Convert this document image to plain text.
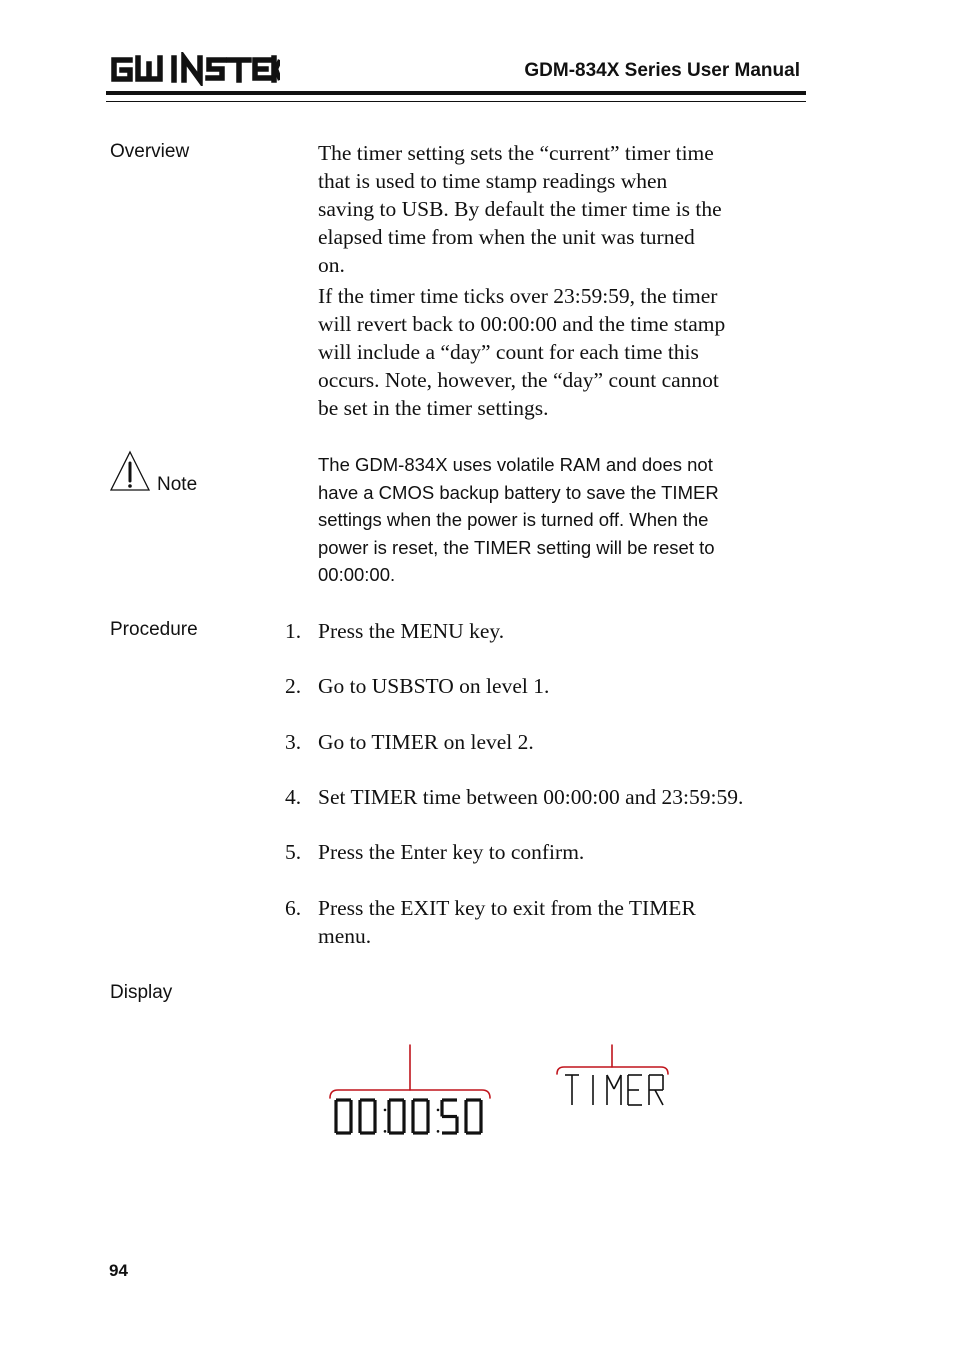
GDM-834X Series User Manual
Overview	The timer setting sets the “current” timer time
that is used to time stamp readings when
saving to USB. By default the timer time is the
elapsed time from when the unit was turned
on.
If the timer time ticks over 23:59:59, the timer
will revert back to 00:00:00 and the time stamp
will include a “day” count for each time this
occurs. Note, however, the “day” count cannot
be set in the timer settings.
Note
The GDM-834X uses volatile RAM and does not
have a CMOS backup battery to save the TIMER
settings when the power is turned off. When the
power is reset, the TIMER setting will be reset to
00:00:00.
Procedure	1. Press the MENU key.
2. Go to USBSTO on level 1.
3. Go to TIMER on level 2.
4. Set TIMER time between 00:00:00 and 23:59:59.
5. Press the Enter key to confirm.
6. Press the EXIT key to exit from the TIMER
menu.
Display
94
